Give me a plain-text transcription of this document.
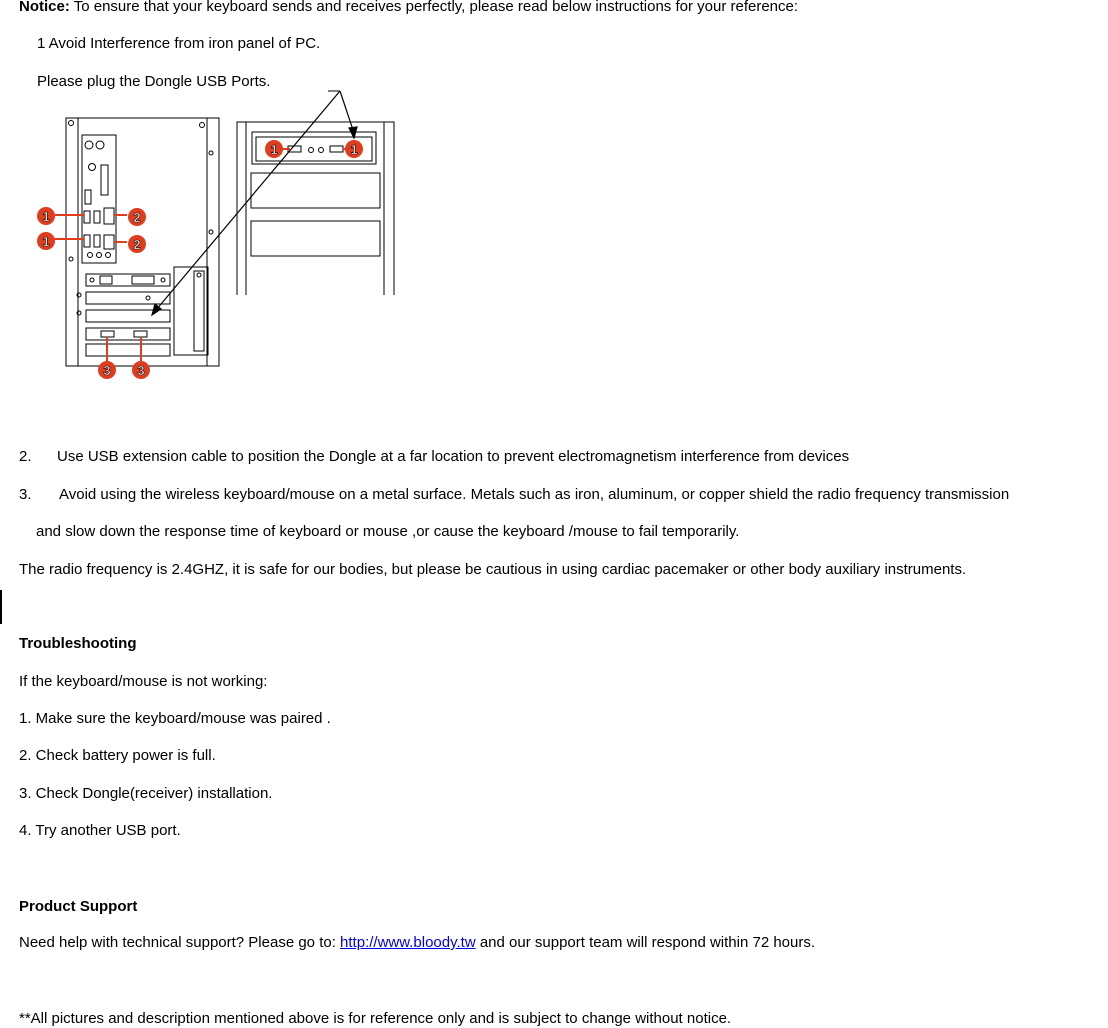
Notice: To ensure that your keyboard sends and receives perfectly, please read below instructions for your reference:
1 Avoid Interference from iron panel of PC.
Please plug the Dongle USB Ports.
1
1
2
2
3 3
1	1
2. Use USB extension cable to position the Dongle at a far location to prevent electromagnetism interference from devices
3. Avoid using the wireless keyboard/mouse on a metal surface. Metals such as iron, aluminum, or copper shield the radio frequency transmission
and slow down the response time of keyboard or mouse ,or cause the keyboard /mouse to fail temporarily.
The radio frequency is 2.4GHZ, it is safe for our bodies, but please be cautious in using cardiac pacemaker or other body auxiliary instruments.
Troubleshooting
If the keyboard/mouse is not working:
1. Make sure the keyboard/mouse was paired .
2. Check battery power is full.
3. Check Dongle(receiver) installation.
4. Try another USB port.
Product Support
Need help with technical support? Please go to: http://www.bloody.tw and our support team will respond within 72 hours.
**All pictures and description mentioned above is for reference only and is subject to change without notice.
